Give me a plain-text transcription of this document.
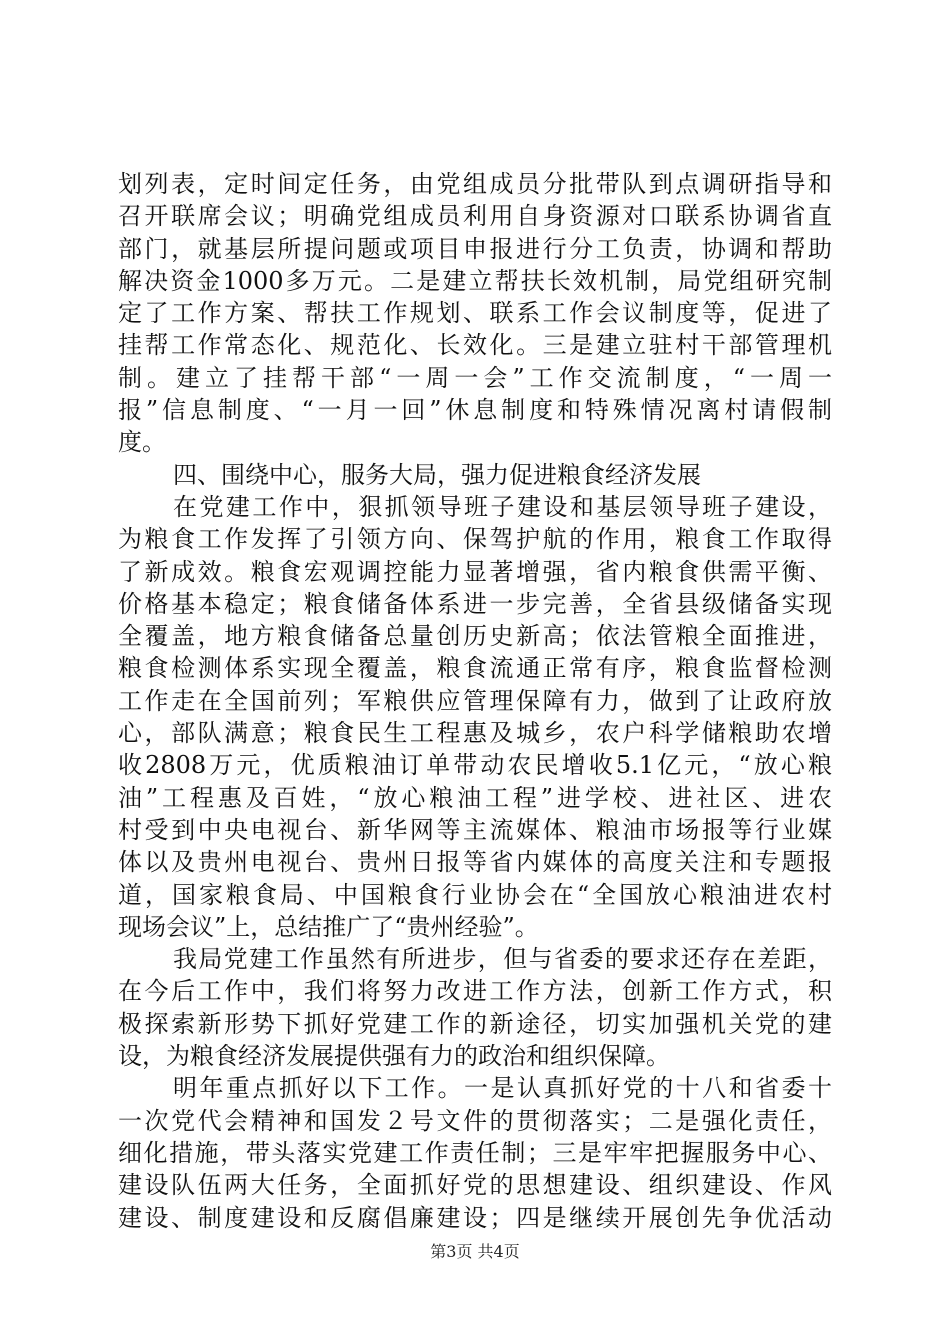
划列表，定时间定任务，由党组成员分批带队到点调研指导和
召开联席会议；明确党组成员利用自身资源对口联系协调省直
部门，就基层所提问题或项目申报进行分工负责，协调和帮助
解决资金1000多万元。二是建立帮扶长效机制，局党组研究制
定了工作方案、帮扶工作规划、联系工作会议制度等，促进了
挂帮工作常态化、规范化、长效化。三是建立驻村干部管理机
制。建立了挂帮干部“一周一会”工作交流制度，“一周一
报”信息制度、“一月一回”休息制度和特殊情况离村请假制
度。
四、围绕中心，服务大局，强力促进粮食经济发展
在党建工作中，狠抓领导班子建设和基层领导班子建设，
为粮食工作发挥了引领方向、保驾护航的作用，粮食工作取得
了新成效。粮食宏观调控能力显著增强，省内粮食供需平衡、
价格基本稳定；粮食储备体系进一步完善，全省县级储备实现
全覆盖，地方粮食储备总量创历史新高；依法管粮全面推进，
粮食检测体系实现全覆盖，粮食流通正常有序，粮食监督检测
工作走在全国前列；军粮供应管理保障有力，做到了让政府放
心，部队满意；粮食民生工程惠及城乡，农户科学储粮助农增
收2808万元，优质粮油订单带动农民增收5.1亿元，“放心粮
油”工程惠及百姓，“放心粮油工程”进学校、进社区、进农
村受到中央电视台、新华网等主流媒体、粮油市场报等行业媒
体以及贵州电视台、贵州日报等省内媒体的高度关注和专题报
道，国家粮食局、中国粮食行业协会在“全国放心粮油进农村
现场会议”上，总结推广了“贵州经验”。
我局党建工作虽然有所进步，但与省委的要求还存在差距，
在今后工作中，我们将努力改进工作方法，创新工作方式，积
极探索新形势下抓好党建工作的新途径，切实加强机关党的建
设，为粮食经济发展提供强有力的政治和组织保障。
明年重点抓好以下工作。一是认真抓好党的十八和省委十
一次党代会精神和国发２号文件的贯彻落实；二是强化责任，
细化措施，带头落实党建工作责任制；三是牢牢把握服务中心、
建设队伍两大任务，全面抓好党的思想建设、组织建设、作风
建设、制度建设和反腐倡廉建设；四是继续开展创先争优活动
第3页 共4页
